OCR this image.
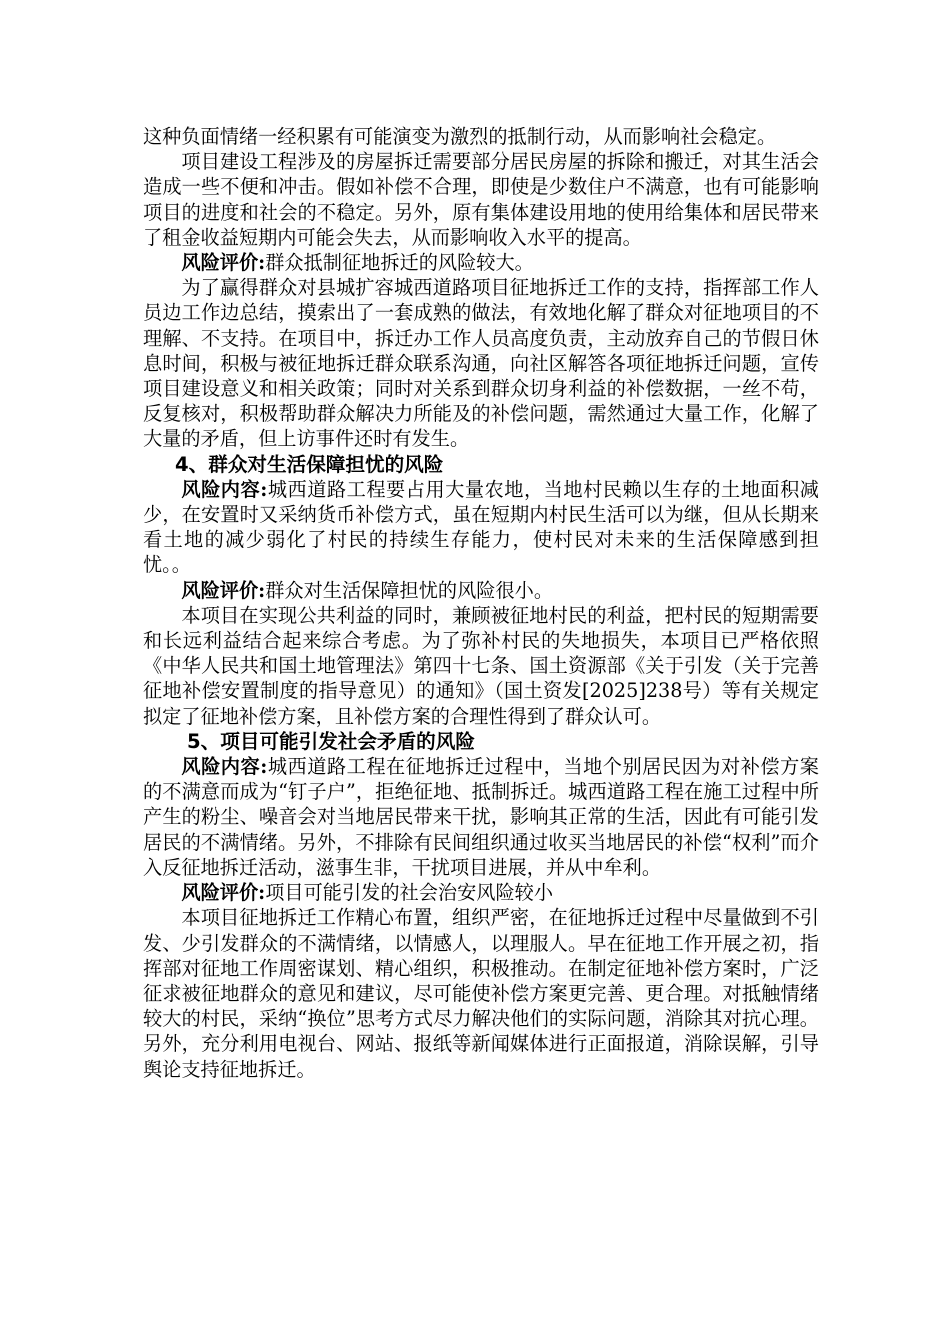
这种负面情绪一经积累有可能演变为激烈的抵制行动，从而影响社会稳定。

项目建设工程涉及的房屋拆迁需要部分居民房屋的拆除和搬迁，对其生活会造成一些不便和冲击。假如补偿不合理，即使是少数住户不满意，也有可能影响项目的进度和社会的不稳定。另外，原有集体建设用地的使用给集体和居民带来了租金收益短期内可能会失去，从而影响收入水平的提高。

风险评价:群众抵制征地拆迁的风险较大。

为了赢得群众对县城扩容城西道路项目征地拆迁工作的支持，指挥部工作人员边工作边总结，摸索出了一套成熟的做法，有效地化解了群众对征地项目的不理解、不支持。在项目中，拆迁办工作人员高度负责，主动放弃自己的节假日休息时间，积极与被征地拆迁群众联系沟通，向社区解答各项征地拆迁问题，宣传项目建设意义和相关政策；同时对关系到群众切身利益的补偿数据，一丝不苟，反复核对，积极帮助群众解决力所能及的补偿问题，需然通过大量工作，化解了大量的矛盾，但上访事件还时有发生。

4、群众对生活保障担忧的风险

风险内容:城西道路工程要占用大量农地，当地村民赖以生存的土地面积减少，在安置时又采纳货币补偿方式，虽在短期内村民生活可以为继，但从长期来看土地的减少弱化了村民的持续生存能力，使村民对未来的生活保障感到担忧。。

风险评价:群众对生活保障担忧的风险很小。

本项目在实现公共利益的同时，兼顾被征地村民的利益，把村民的短期需要和长远利益结合起来综合考虑。为了弥补村民的失地损失，本项目已严格依照《中华人民共和国土地管理法》第四十七条、国土资源部《关于引发（关于完善征地补偿安置制度的指导意见）的通知》（国土资发[2025]238号）等有关规定拟定了征地补偿方案，且补偿方案的合理性得到了群众认可。

5、项目可能引发社会矛盾的风险

风险内容:城西道路工程在征地拆迁过程中，当地个别居民因为对补偿方案的不满意而成为“钉子户”，拒绝征地、抵制拆迁。城西道路工程在施工过程中所产生的粉尘、噪音会对当地居民带来干扰，影响其正常的生活，因此有可能引发居民的不满情绪。另外，不排除有民间组织通过收买当地居民的补偿“权利”而介入反征地拆迁活动，滋事生非，干扰项目进展，并从中牟利。

风险评价:项目可能引发的社会治安风险较小

本项目征地拆迁工作精心布置，组织严密，在征地拆迁过程中尽量做到不引发、少引发群众的不满情绪，以情感人，以理服人。早在征地工作开展之初，指挥部对征地工作周密谋划、精心组织，积极推动。在制定征地补偿方案时，广泛征求被征地群众的意见和建议，尽可能使补偿方案更完善、更合理。对抵触情绪较大的村民，采纳“换位”思考方式尽力解决他们的实际问题，消除其对抗心理。另外，充分利用电视台、网站、报纸等新闻媒体进行正面报道，消除误解，引导舆论支持征地拆迁。
